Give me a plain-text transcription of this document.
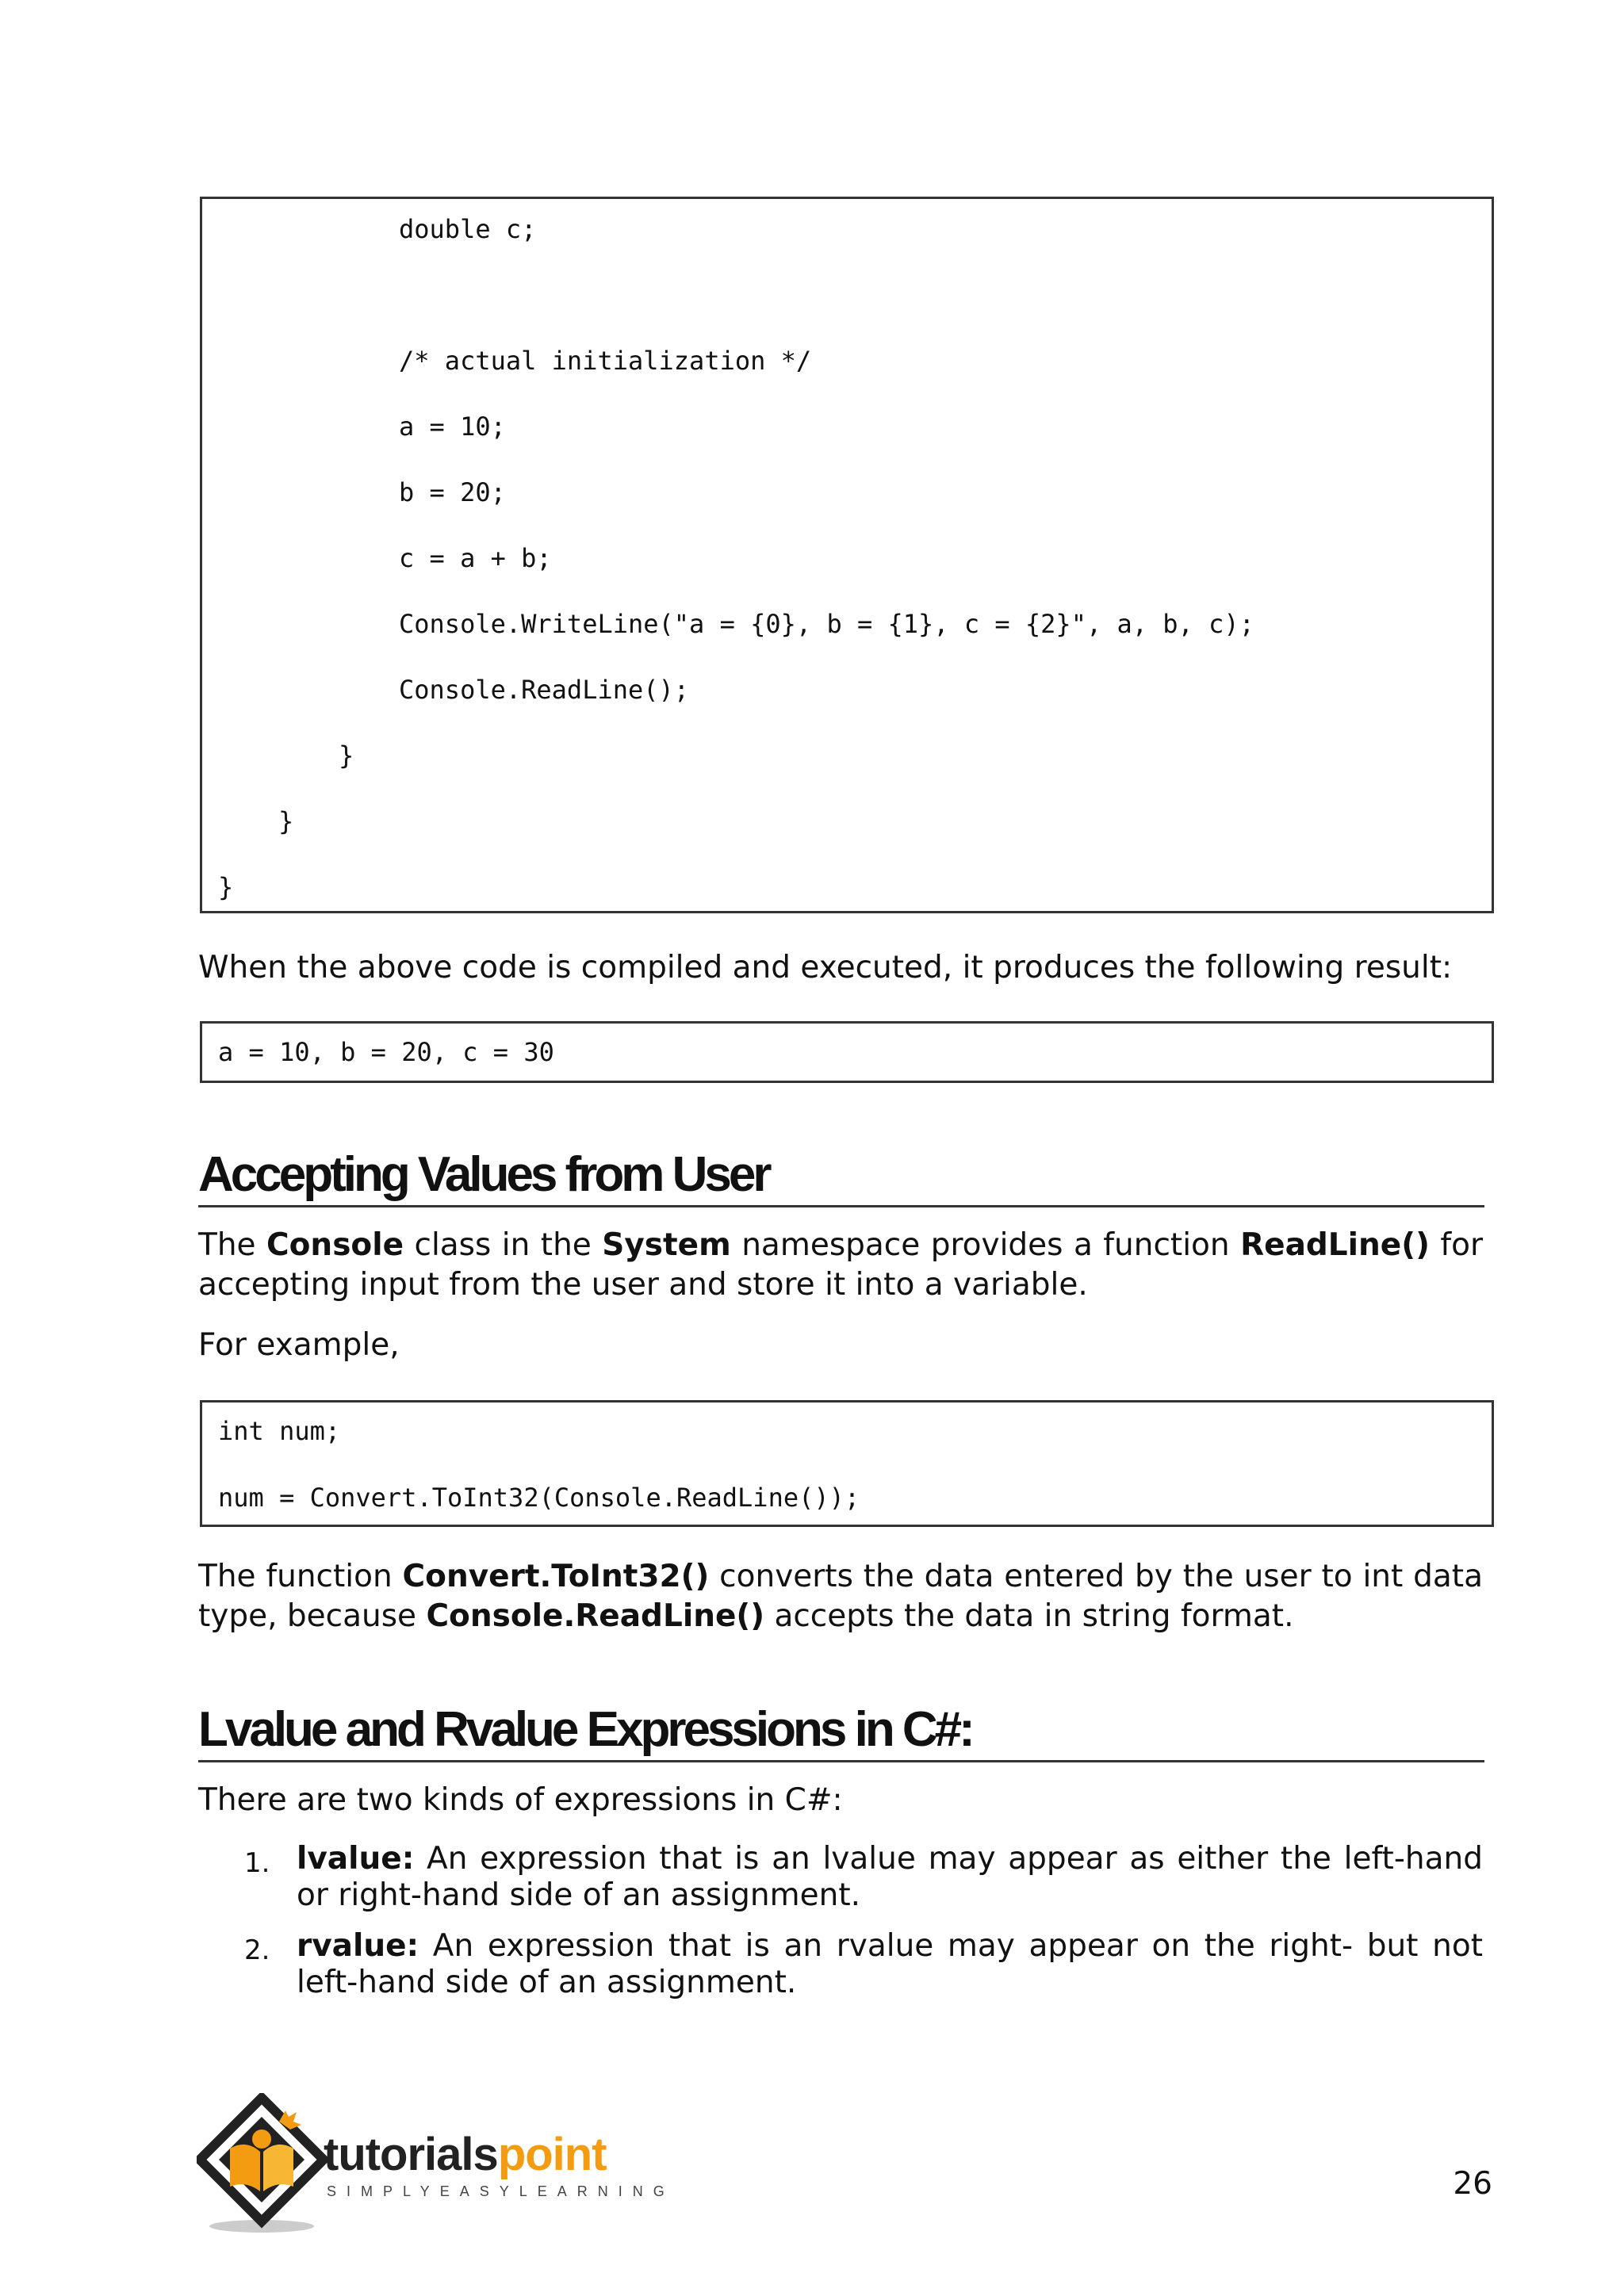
double c;
/* actual initialization */
a = 10;
b = 20;
c = a + b;
Console.WriteLine("a = {0}, b = {1}, c = {2}", a, b, c);
Console.ReadLine();
}
}
}
When the above code is compiled and executed, it produces the following result:
a = 10, b = 20, c = 30
Accepting Values from User
The Console class in the System namespace provides a function ReadLine() for accepting input from the user and store it into a variable.
For example,
int num;
num = Convert.ToInt32(Console.ReadLine());
The function Convert.ToInt32() converts the data entered by the user to int data type, because Console.ReadLine() accepts the data in string format.
Lvalue and Rvalue Expressions in C#:
There are two kinds of expressions in C#:
1. lvalue: An expression that is an lvalue may appear as either the left-hand or right-hand side of an assignment.
2. rvalue: An expression that is an rvalue may appear on the right- but not left-hand side of an assignment.
tutorialspoint
SIMPLYEASYLEARNING	26
